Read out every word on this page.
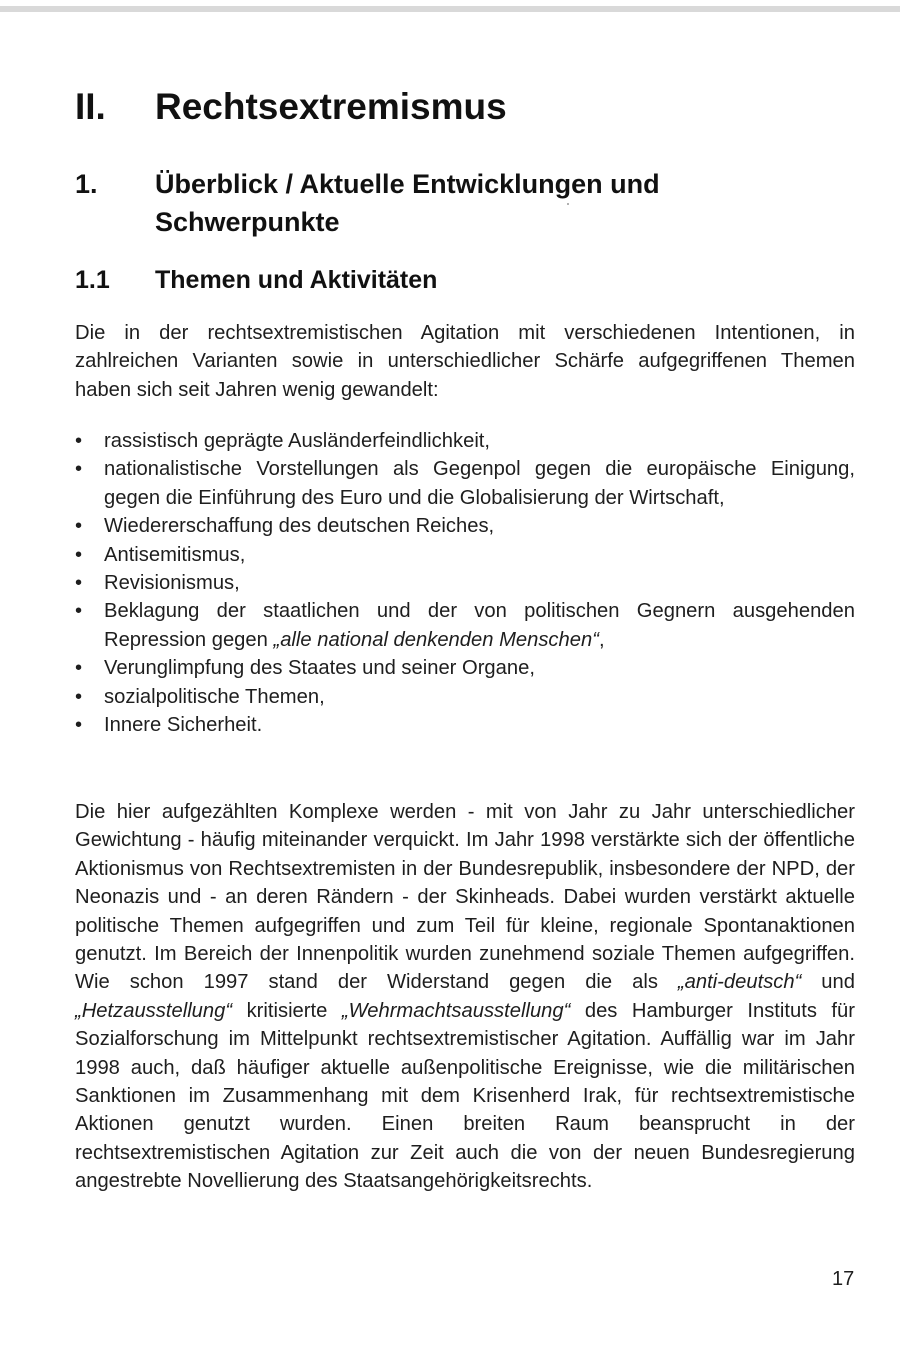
II. Rechtsextremismus
1. Überblick / Aktuelle Entwicklungen und Schwerpunkte
1.1 Themen und Aktivitäten

Die in der rechtsextremistischen Agitation mit verschiedenen Intentionen, in zahlreichen Varianten sowie in unterschiedlicher Schärfe aufgegriffenen Themen haben sich seit Jahren wenig gewandelt:

• rassistisch geprägte Ausländerfeindlichkeit,
• nationalistische Vorstellungen als Gegenpol gegen die europäische Einigung, gegen die Einführung des Euro und die Globalisierung der Wirtschaft,
• Wiedererschaffung des deutschen Reiches,
• Antisemitismus,
• Revisionismus,
• Beklagung der staatlichen und der von politischen Gegnern ausgehenden Repression gegen „alle national denkenden Menschen“,
• Verunglimpfung des Staates und seiner Organe,
• sozialpolitische Themen,
• Innere Sicherheit.

Die hier aufgezählten Komplexe werden - mit von Jahr zu Jahr unterschiedlicher Gewichtung - häufig miteinander verquickt. Im Jahr 1998 verstärkte sich der öffentliche Aktionismus von Rechtsextremisten in der Bundesrepublik, insbesondere der NPD, der Neonazis und - an deren Rändern - der Skinheads. Dabei wurden verstärkt aktuelle politische Themen aufgegriffen und zum Teil für kleine, regionale Spontanaktionen genutzt. Im Bereich der Innenpolitik wurden zunehmend soziale Themen aufgegriffen. Wie schon 1997 stand der Widerstand gegen die als „anti-deutsch“ und „Hetzausstellung“ kritisierte „Wehrmachtsausstellung“ des Hamburger Instituts für Sozialforschung im Mittelpunkt rechtsextremistischer Agitation. Auffällig war im Jahr 1998 auch, daß häufiger aktuelle außenpolitische Ereignisse, wie die militärischen Sanktionen im Zusammenhang mit dem Krisenherd Irak, für rechtsextremistische Aktionen genutzt wurden. Einen breiten Raum beansprucht in der rechtsextremistischen Agitation zur Zeit auch die von der neuen Bundesregierung angestrebte Novellierung des Staatsangehörigkeitsrechts.

17
